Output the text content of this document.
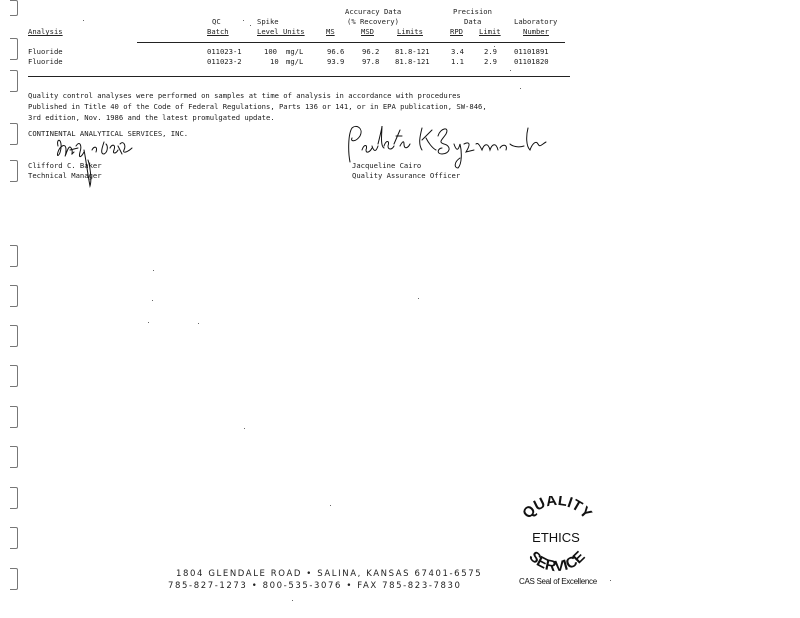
Accuracy Data	Precision
QC	Spike	(% Recovery)	Data	Laboratory
Analysis	Batch	Level Units	MS	MSD	Limits	RPD Limit	Number
Fluoride	011023-1	100 mg/L	96.6 96.2 81.8-121	3.4	2.9 01101891
Fluoride	011023-2	10 mg/L	93.9 97.8 81.8-121	1.1	2.9 01101820
Quality control analyses were performed on samples at time of analysis in accordance with procedures
Published in Title 40 of the Code of Federal Regulations, Parts 136 or 141, or in EPA publication, SW-846,
3rd edition, Nov. 1986 and the latest promulgated update.
CONTINENTAL ANALYTICAL SERVICES, INC.
Clifford C. Baker
Technical Manager
Jacqueline Cairo
Quality Assurance Officer
1804 GLENDALE ROAD • SALINA, KANSAS 67401-6575
785-827-1273 • 800-535-3076 • FAX 785-823-7830
QUALITY
ETHICS
SERVICE
CAS Seal of Excellence
